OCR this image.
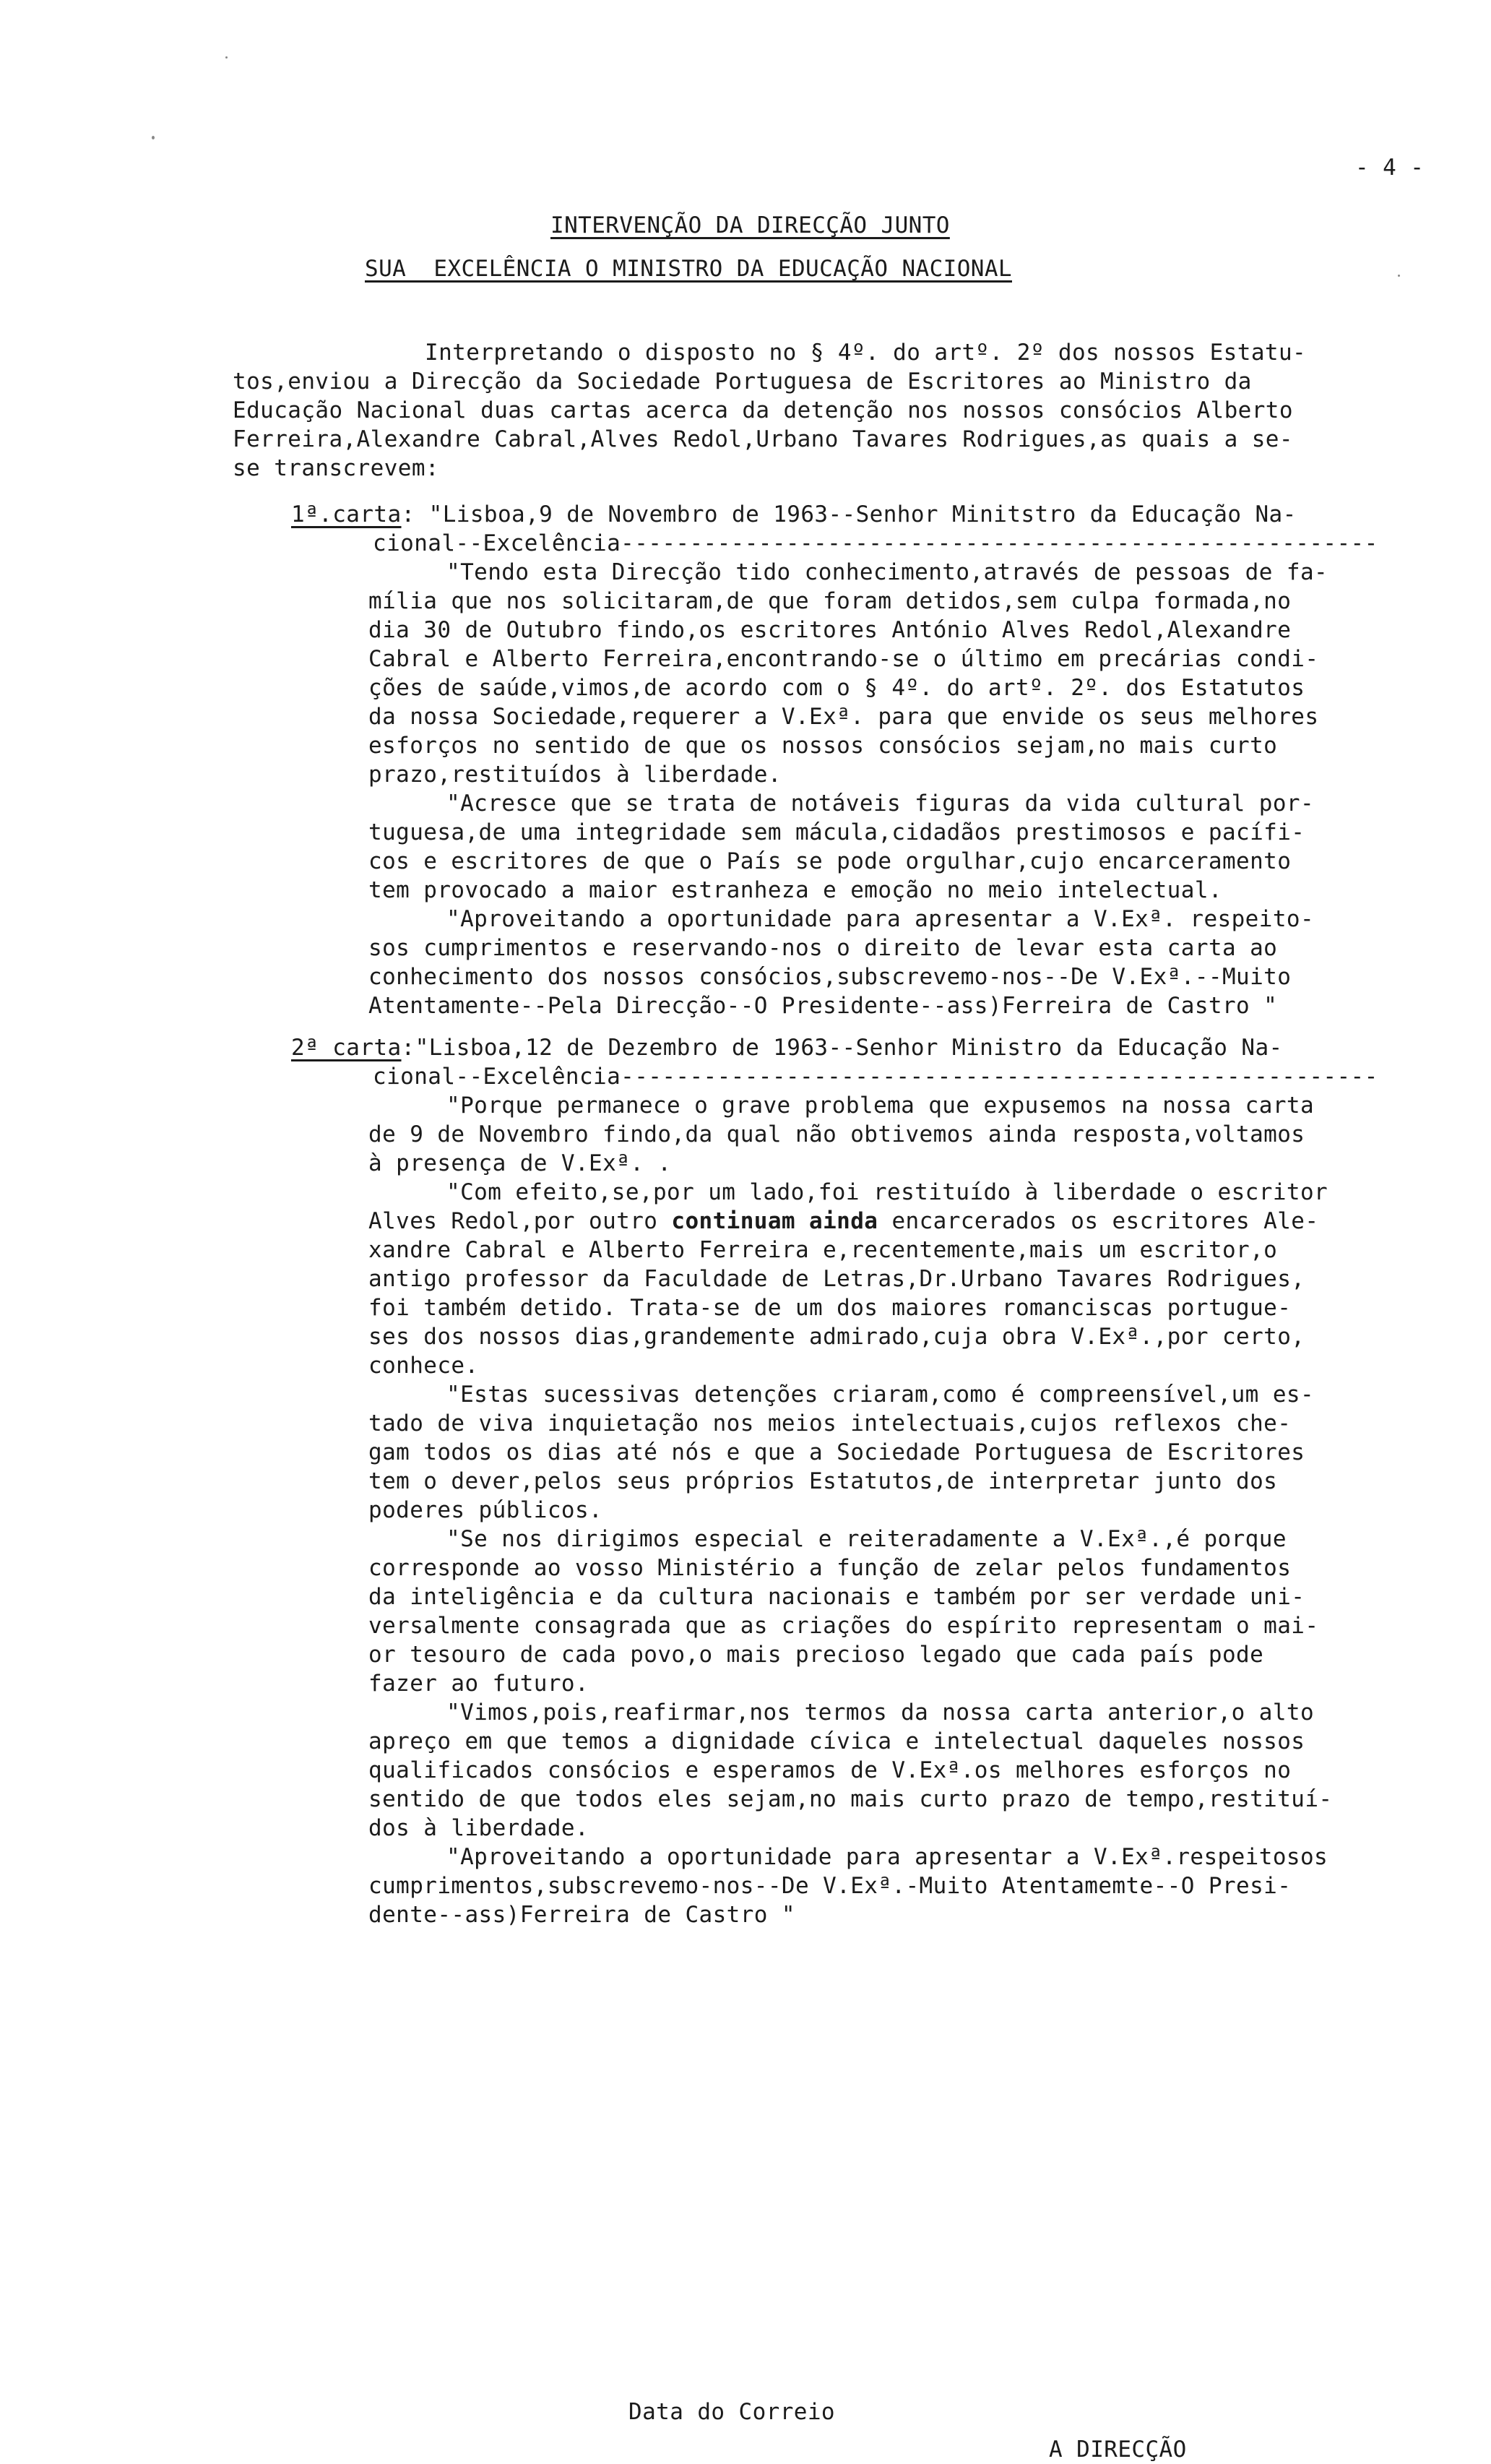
- 4 -
INTERVENÇÃO DA DIRECÇÃO JUNTO
SUA  EXCELÊNCIA O MINISTRO DA EDUCAÇÃO NACIONAL
Interpretando o disposto no § 4º. do artº. 2º dos nossos Estatu-
tos,enviou a Direcção da Sociedade Portuguesa de Escritores ao Ministro da
Educação Nacional duas cartas acerca da detenção nos nossos consócios Alberto
Ferreira,Alexandre Cabral,Alves Redol,Urbano Tavares Rodrigues,as quais a se-
se transcrevem:
1ª.carta: "Lisboa,9 de Novembro de 1963--Senhor Minitstro da Educação Na-
cional--Excelência-------------------------------------------------------
"Tendo esta Direcção tido conhecimento,através de pessoas de fa-
mília que nos solicitaram,de que foram detidos,sem culpa formada,no
dia 30 de Outubro findo,os escritores António Alves Redol,Alexandre
Cabral e Alberto Ferreira,encontrando-se o último em precárias condi-
ções de saúde,vimos,de acordo com o § 4º. do artº. 2º. dos Estatutos
da nossa Sociedade,requerer a V.Exª. para que envide os seus melhores
esforços no sentido de que os nossos consócios sejam,no mais curto
prazo,restituídos à liberdade.
"Acresce que se trata de notáveis figuras da vida cultural por-
tuguesa,de uma integridade sem mácula,cidadãos prestimosos e pacífi-
cos e escritores de que o País se pode orgulhar,cujo encarceramento
tem provocado a maior estranheza e emoção no meio intelectual.
"Aproveitando a oportunidade para apresentar a V.Exª. respeito-
sos cumprimentos e reservando-nos o direito de levar esta carta ao
conhecimento dos nossos consócios,subscrevemo-nos--De V.Exª.--Muito
Atentamente--Pela Direcção--O Presidente--ass)Ferreira de Castro "
2ª carta:"Lisboa,12 de Dezembro de 1963--Senhor Ministro da Educação Na-
cional--Excelência-------------------------------------------------------
"Porque permanece o grave problema que expusemos na nossa carta
de 9 de Novembro findo,da qual não obtivemos ainda resposta,voltamos
à presença de V.Exª. .
"Com efeito,se,por um lado,foi restituído à liberdade o escritor
Alves Redol,por outro continuam ainda encarcerados os escritores Ale-
xandre Cabral e Alberto Ferreira e,recentemente,mais um escritor,o
antigo professor da Faculdade de Letras,Dr.Urbano Tavares Rodrigues,
foi também detido. Trata-se de um dos maiores romanciscas portugue-
ses dos nossos dias,grandemente admirado,cuja obra V.Exª.,por certo,
conhece.
"Estas sucessivas detenções criaram,como é compreensível,um es-
tado de viva inquietação nos meios intelectuais,cujos reflexos che-
gam todos os dias até nós e que a Sociedade Portuguesa de Escritores
tem o dever,pelos seus próprios Estatutos,de interpretar junto dos
poderes públicos.
"Se nos dirigimos especial e reiteradamente a V.Exª.,é porque
corresponde ao vosso Ministério a função de zelar pelos fundamentos
da inteligência e da cultura nacionais e também por ser verdade uni-
versalmente consagrada que as criações do espírito representam o mai-
or tesouro de cada povo,o mais precioso legado que cada país pode
fazer ao futuro.
"Vimos,pois,reafirmar,nos termos da nossa carta anterior,o alto
apreço em que temos a dignidade cívica e intelectual daqueles nossos
qualificados consócios e esperamos de V.Exª.os melhores esforços no
sentido de que todos eles sejam,no mais curto prazo de tempo,restituí-
dos à liberdade.
"Aproveitando a oportunidade para apresentar a V.Exª.respeitosos
cumprimentos,subscrevemo-nos--De V.Exª.-Muito Atentamemte--O Presi-
dente--ass)Ferreira de Castro "
Data do Correio
A DIRECÇÃO
